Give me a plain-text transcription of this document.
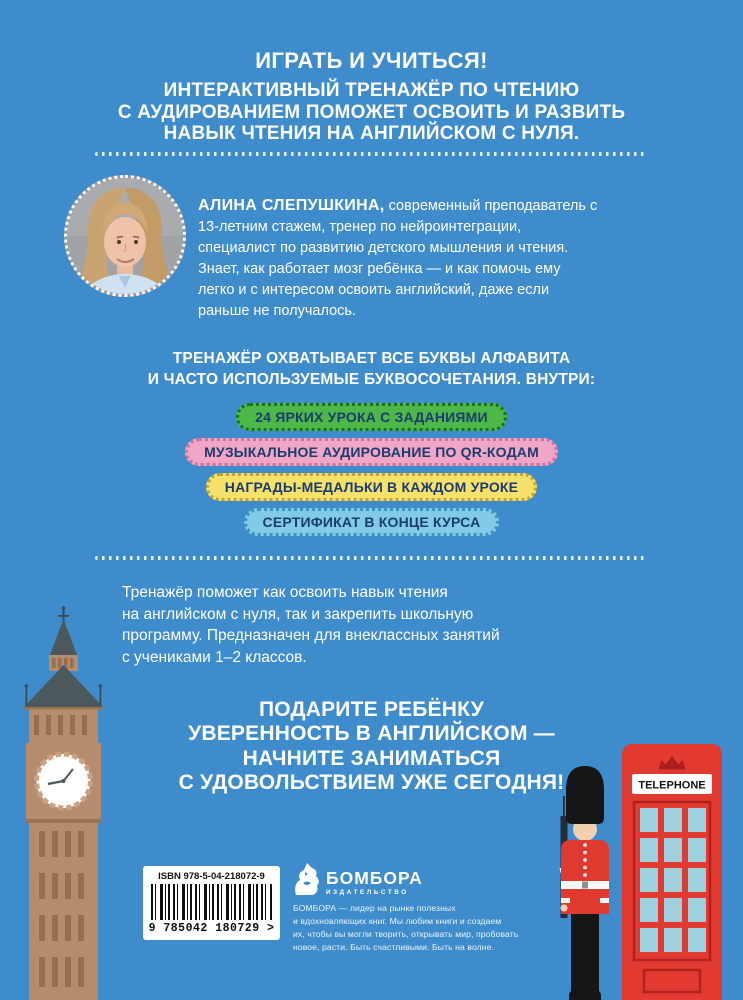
ИГРАТЬ И УЧИТЬСЯ!
ИНТЕРАКТИВНЫЙ ТРЕНАЖЁР ПО ЧТЕНИЮ
С АУДИРОВАНИЕМ ПОМОЖЕТ ОСВОИТЬ И РАЗВИТЬ
НАВЫК ЧТЕНИЯ НА АНГЛИЙСКОМ С НУЛЯ.

АЛИНА СЛЕПУШКИНА, современный преподаватель с 13-летним стажем, тренер по нейроинтеграции, специалист по развитию детского мышления и чтения. Знает, как работает мозг ребёнка — и как помочь ему легко и с интересом освоить английский, даже если раньше не получалось.

ТРЕНАЖЁР ОХВАТЫВАЕТ ВСЕ БУКВЫ АЛФАВИТА
И ЧАСТО ИСПОЛЬЗУЕМЫЕ БУКВОСОЧЕТАНИЯ. ВНУТРИ:
24 ЯРКИХ УРОКА С ЗАДАНИЯМИ
МУЗЫКАЛЬНОЕ АУДИРОВАНИЕ ПО QR-КОДАМ
НАГРАДЫ-МЕДАЛЬКИ В КАЖДОМ УРОКЕ
СЕРТИФИКАТ В КОНЦЕ КУРСА
Тренажёр поможет как освоить навык чтения
на английском с нуля, так и закрепить школьную
программу. Предназначен для внеклассных занятий
с учениками 1–2 классов.
ПОДАРИТЕ РЕБЁНКУ
УВЕРЕННОСТЬ В АНГЛИЙСКОМ —
НАЧНИТЕ ЗАНИМАТЬСЯ
С УДОВОЛЬСТВИЕМ УЖЕ СЕГОДНЯ!	TELEPHONE
ISBN 978-5-04-218072-9
9 785042 180729 >
БОМБОРА
ИЗДАТЕЛЬСТВО
БОМБОРА — лидер на рынке полезных
и вдохновляющих книг. Мы любим книги и создаем
их, чтобы вы могли творить, открывать мир, пробовать
новое, расти. Быть счастливыми. Быть на волне.
